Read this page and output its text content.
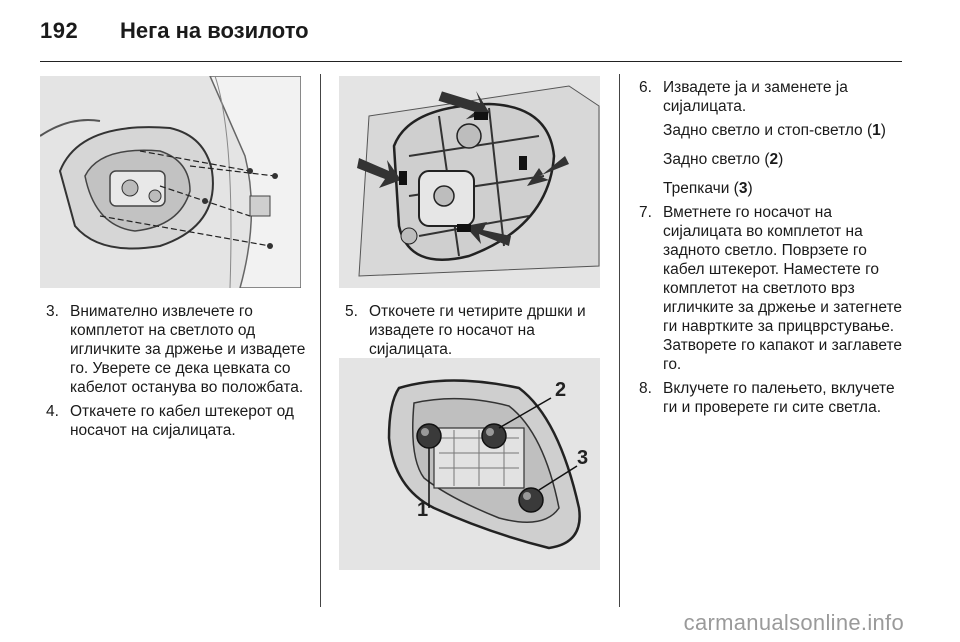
192 Нега на возилото
3. Внимателно извлечете го комплетот на светлото од игличките за држење и извадете го. Уверете се дека цевката со кабелот останува во положбата.
4. Откачете го кабел штекерот од носачот на сијалицата.
5. Откочете ги четирите дршки и извадете го носачот на сијалицата.
1
2
3
6. Извадете ја и заменете ја сијалицата.
Задно светло и стоп-светло (1)
Задно светло (2)
Трепкачи (3)
7. Вметнете го носачот на сијалицата во комплетот на задното светло. Поврзете го кабел штекерот. Наместете го комплетот на светлото врз игличките за држење и затегнете ги навртките за прицврстување. Затворете го капакот и заглавете го.
8. Вклучете го палењето, вклучете ги и проверете ги сите светла.
carmanualsonline.info
